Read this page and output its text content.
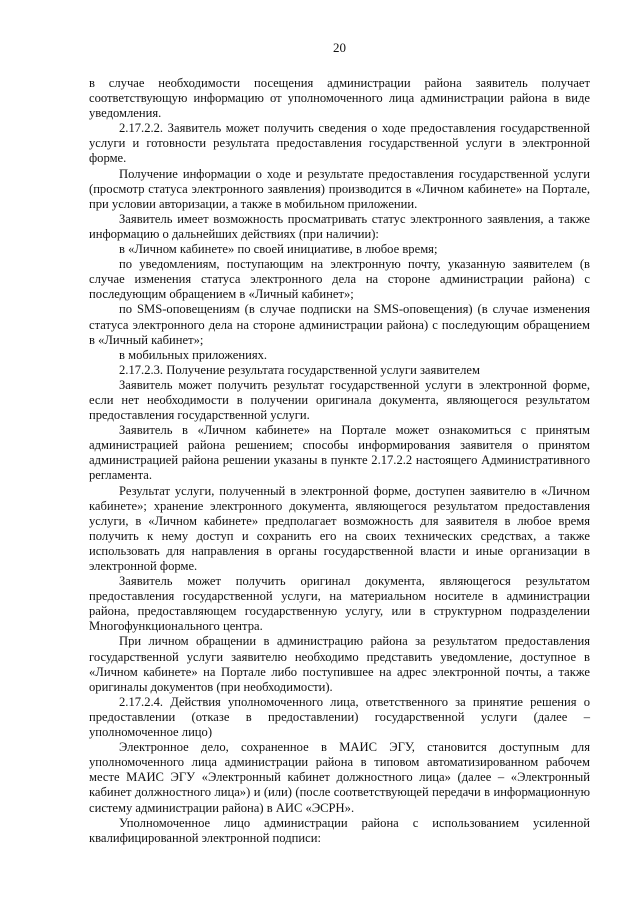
20

в случае необходимости посещения администрации района заявитель получает соответствующую информацию от уполномоченного лица администрации района в виде уведомления.

2.17.2.2. Заявитель может получить сведения о ходе предоставления государственной услуги и готовности результата предоставления государственной услуги в электронной форме.

Получение информации о ходе и результате предоставления государственной услуги (просмотр статуса электронного заявления) производится в «Личном кабинете» на Портале, при условии авторизации, а также в мобильном приложении.

Заявитель имеет возможность просматривать статус электронного заявления, а также информацию о дальнейших действиях (при наличии):

в «Личном кабинете» по своей инициативе, в любое время;

по уведомлениям, поступающим на электронную почту, указанную заявителем (в случае изменения статуса электронного дела на стороне администрации района) с последующим обращением в «Личный кабинет»;

по SMS-оповещениям (в случае подписки на SMS-оповещения) (в случае изменения статуса электронного дела на стороне администрации района) с последующим обращением в «Личный кабинет»;

в мобильных приложениях.

2.17.2.3. Получение результата государственной услуги заявителем

Заявитель может получить результат государственной услуги в электронной форме, если нет необходимости в получении оригинала документа, являющегося результатом предоставления государственной услуги.

Заявитель в «Личном кабинете» на Портале может ознакомиться с принятым администрацией района решением; способы информирования заявителя о принятом администрацией района решении указаны в пункте 2.17.2.2 настоящего Административного регламента.

Результат услуги, полученный в электронной форме, доступен заявителю в «Личном кабинете»; хранение электронного документа, являющегося результатом предоставления услуги, в «Личном кабинете» предполагает возможность для заявителя в любое время получить к нему доступ и сохранить его на своих технических средствах, а также использовать для направления в органы государственной власти и иные организации в электронной форме.

Заявитель может получить оригинал документа, являющегося результатом предоставления государственной услуги, на материальном носителе в администрации района, предоставляющем государственную услугу, или в структурном подразделении Многофункционального центра.

При личном обращении в администрацию района за результатом предоставления государственной услуги заявителю необходимо представить уведомление, доступное в «Личном кабинете» на Портале либо поступившее на адрес электронной почты, а также оригиналы документов (при необходимости).

2.17.2.4. Действия уполномоченного лица, ответственного за принятие решения о предоставлении (отказе в предоставлении) государственной услуги (далее – уполномоченное лицо)

Электронное дело, сохраненное в МАИС ЭГУ, становится доступным для уполномоченного лица администрации района в типовом автоматизированном рабочем месте МАИС ЭГУ «Электронный кабинет должностного лица» (далее – «Электронный кабинет должностного лица») и (или) (после соответствующей передачи в информационную систему администрации района) в АИС «ЭСРН».

Уполномоченное лицо администрации района с использованием усиленной квалифицированной электронной подписи:
